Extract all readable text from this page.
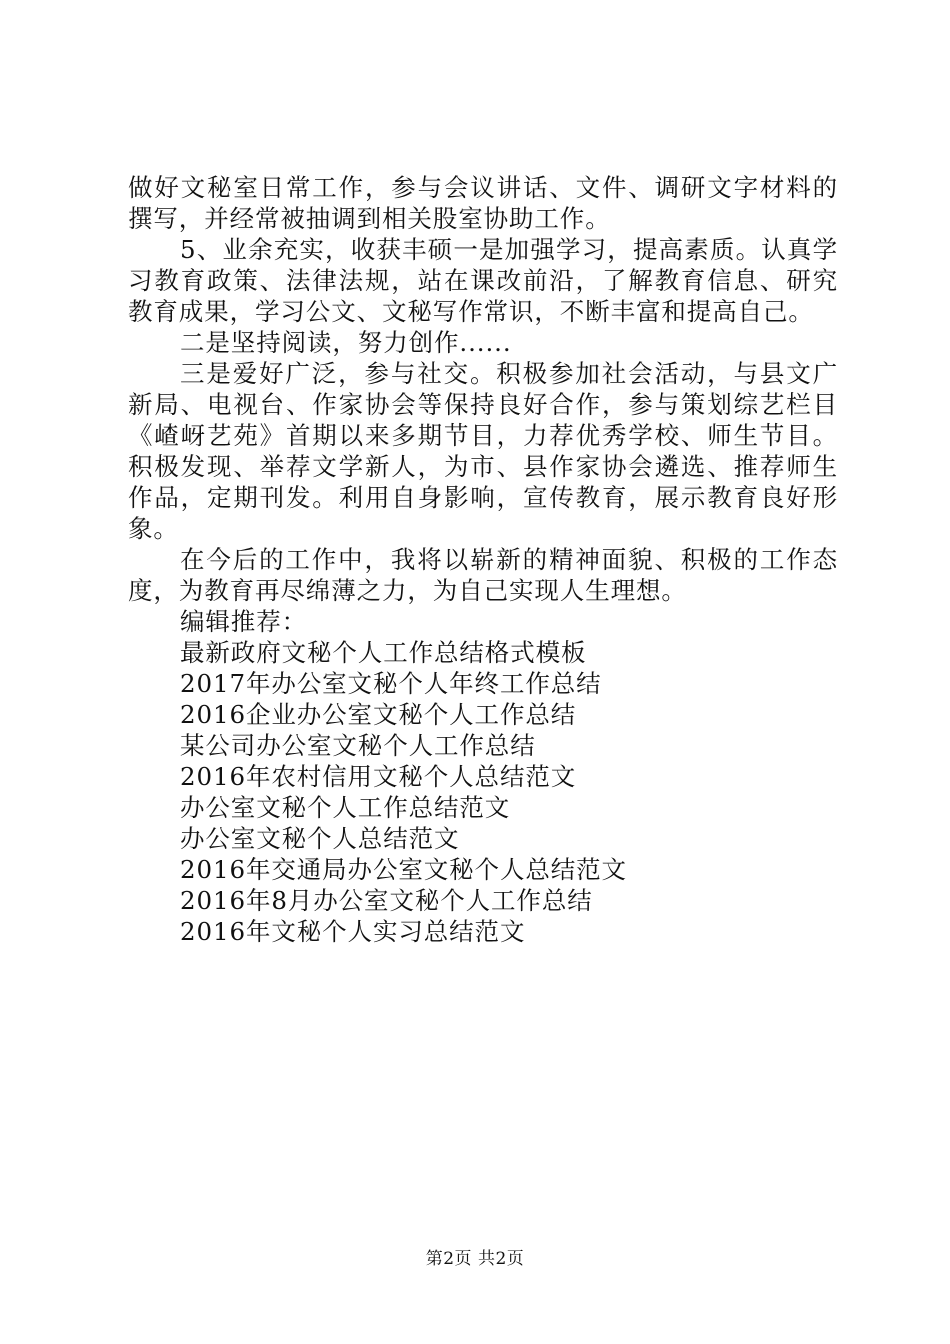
做好文秘室日常工作，参与会议讲话、文件、调研文字材料的撰写，并经常被抽调到相关股室协助工作。

5、业余充实，收获丰硕一是加强学习，提高素质。认真学习教育政策、法律法规，站在课改前沿，了解教育信息、研究教育成果，学习公文、文秘写作常识，不断丰富和提高自己。

二是坚持阅读，努力创作......

三是爱好广泛，参与社交。积极参加社会活动，与县文广新局、电视台、作家协会等保持良好合作，参与策划综艺栏目《嵖岈艺苑》首期以来多期节目，力荐优秀学校、师生节目。积极发现、举荐文学新人，为市、县作家协会遴选、推荐师生作品，定期刊发。利用自身影响，宣传教育，展示教育良好形象。

在今后的工作中，我将以崭新的精神面貌、积极的工作态度，为教育再尽绵薄之力，为自己实现人生理想。

编辑推荐：

最新政府文秘个人工作总结格式模板
2017年办公室文秘个人年终工作总结
2016企业办公室文秘个人工作总结
某公司办公室文秘个人工作总结
2016年农村信用文秘个人总结范文
办公室文秘个人工作总结范文
办公室文秘个人总结范文
2016年交通局办公室文秘个人总结范文
2016年8月办公室文秘个人工作总结
2016年文秘个人实习总结范文
第2页 共2页
